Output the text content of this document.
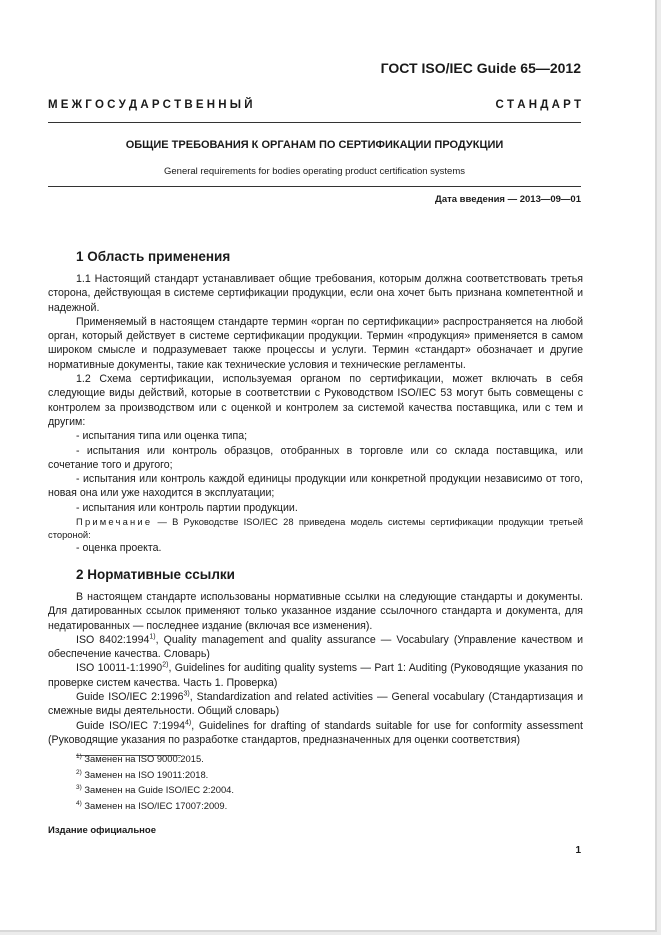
ГОСТ ISO/IEC Guide 65—2012
М Е Ж Г О С У Д А Р С Т В Е Н Н Ы Й	С Т А Н Д А Р Т
ОБЩИЕ ТРЕБОВАНИЯ К ОРГАНАМ ПО СЕРТИФИКАЦИИ ПРОДУКЦИИ
General requirements for bodies operating product certification systems
Дата введения — 2013—09—01
1 Область применения

1.1 Настоящий стандарт устанавливает общие требования, которым должна соответствовать третья сторона, действующая в системе сертификации продукции, если она хочет быть признана компетентной и надежной.

Применяемый в настоящем стандарте термин «орган по сертификации» распространяется на любой орган, который действует в системе сертификации продукции. Термин «продукция» применяется в самом широком смысле и подразумевает также процессы и услуги. Термин «стандарт» обозначает и другие нормативные документы, такие как технические условия и технические регламенты.

1.2 Схема сертификации, используемая органом по сертификации, может включать в себя следующие виды действий, которые в соответствии с Руководством ISO/IEC 53 могут быть совмещены с контролем за производством или с оценкой и контролем за системой качества поставщика, или с тем и другим:

- испытания типа или оценка типа;

- испытания или контроль образцов, отобранных в торговле или со склада поставщика, или сочетание того и другого;

- испытания или контроль каждой единицы продукции или конкретной продукции независимо от того, новая она или уже находится в эксплуатации;

- испытания или контроль партии продукции.

Примечание — В Руководстве ISO/IEC 28 приведена модель системы сертификации продукции третьей стороной:

- оценка проекта.

2 Нормативные ссылки

В настоящем стандарте использованы нормативные ссылки на следующие стандарты и документы. Для датированных ссылок применяют только указанное издание ссылочного стандарта и документа, для недатированных — последнее издание (включая все изменения).

ISO 8402:1994$^{1)}$, Quality management and quality assurance — Vocabulary (Управление качеством и обеспечение качества. Словарь)

ISO 10011-1:1990$^{2)}$, Guidelines for auditing quality systems — Part 1: Auditing (Руководящие указания по проверке систем качества. Часть 1. Проверка)

Guide ISO/IEC 2:1996$^{3)}$, Standardization and related activities — General vocabulary (Стандартизация и смежные виды деятельности. Общий словарь)

Guide ISO/IEC 7:1994$^{4)}$, Guidelines for drafting of standards suitable for use for conformity assessment (Руководящие указания по разработке стандартов, предназначенных для оценки соответствия)

$^{1)}$ Заменен на ISO 9000:2015.
$^{2)}$ Заменен на ISO 19011:2018.
$^{3)}$ Заменен на Guide ISO/IEC 2:2004.
$^{4)}$ Заменен на ISO/IEC 17007:2009.
Издание официальное
1
